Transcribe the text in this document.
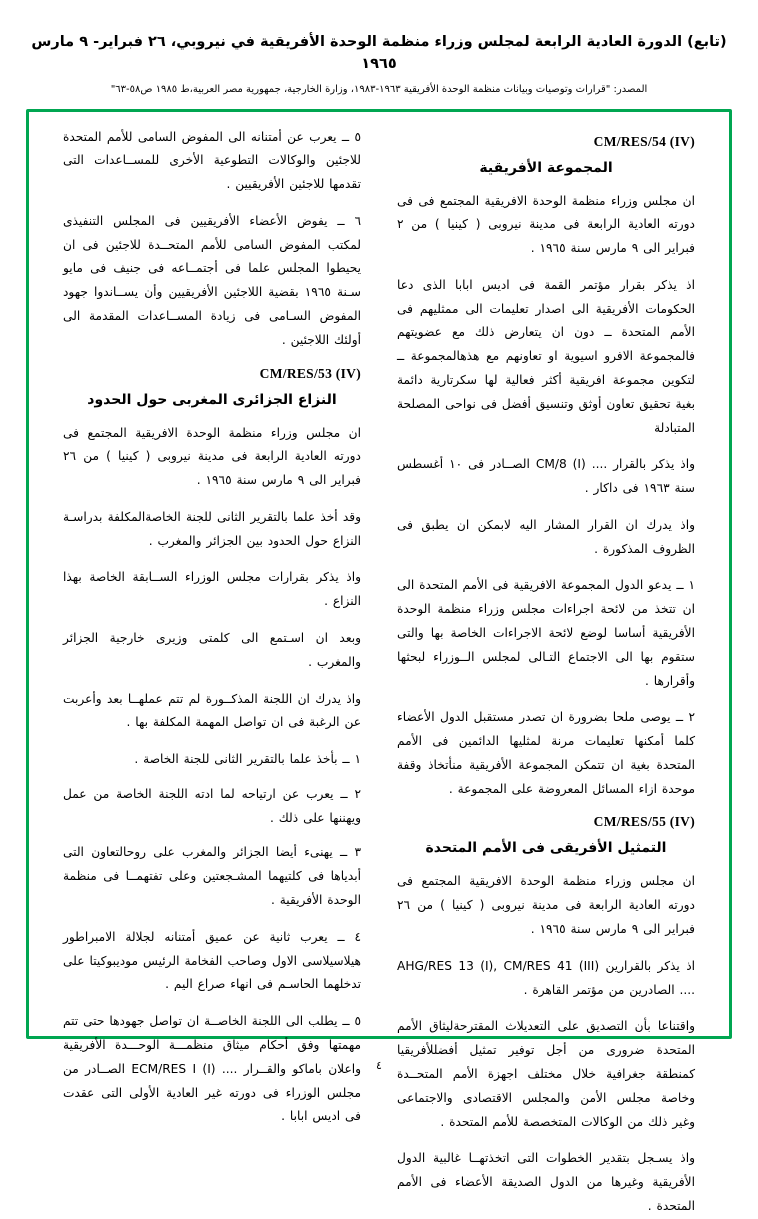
(تابع) الدورة العادية الرابعة لمجلس وزراء منظمة الوحدة الأفريقية في نيروبي، ٢٦ فبراير- ٩ مارس ١٩٦٥
المصدر: "قرارات وتوصيات وبيانات منظمة الوحدة الأفريقية ١٩٦٣-١٩٨٣، وزارة الخارجية، جمهورية مصر العربية،ط ١٩٨٥ ص٥٨-٦٣"
CM/RES/54 (IV)
المجموعة الأفريقية

ان مجلس وزراء منظمة الوحدة الافريقية المجتمع فى فى دورته العادية الرابعة فى مدينة نيروبى ( كينيا ) من ٢ فبراير الى ٩ مارس سنة ١٩٦٥ .

اذ يذكر بقرار مؤتمر القمة فى اديس ابابا الذى دعا الحكومات الأفريقية الى اصدار تعليمات الى ممثليهم فى الأمم المتحدة ــ دون ان يتعارض ذلك مع عضويتهم فالمجموعة الافرو اسيوية او تعاونهم مع هذهالمجموعة ــ لتكوين مجموعة افريقية أكثر فعالية لها سكرتارية دائمة بغية تحقيق تعاون أوثق وتنسيق أفضل فى نواحى المصلحة المتبادلة

واذ يذكر بالقرار .... CM/8 (I) الصــادر فى ١٠ أغسطس سنة ١٩٦٣ فى داكار .

واذ يدرك ان القرار المشار اليه لابمكن ان يطبق فى الظروف المذكورة .

١ ــ يدعو الدول المجموعة الافريقية فى الأمم المتحدة الى ان تتخذ من لائحة اجراءات مجلس وزراء منظمة الوحدة الأفريقية أساسا لوضع لائحة الاجراءات الخاصة بها والتى ستقوم بها الى الاجتماع التـالى لمجلس الــوزراء لبحثها وأقرارها .

٢ ــ يوصى ملحا بضرورة ان تصدر مستقبل الدول الأعضاء كلما أمكنها تعليمات مرنة لمثليها الدائمين فى الأمم المتحدة بغية ان تتمكن المجموعة الأفريقية منأتخاذ وقفة موحدة ازاء المسائل المعروضة على المجموعة .

CM/RES/55 (IV)
التمثيل الأفريقى فى الأمم المتحدة

ان مجلس وزراء منظمة الوحدة الافريقية المجتمع فى دورته العادية الرابعة فى مدينة نيروبى ( كينيا ) من ٢٦ فبراير الى ٩ مارس سنة ١٩٦٥ .

اذ يذكر بالقرارين AHG/RES 13 (I), CM/RES 41 (III) .... الصادرين من مؤتمر القاهرة .

واقتناعا بأن التصديق على التعديلاث المقترحةليثاق الأمم المتحدة ضرورى من أجل توفير تمثيل أفضللأفريقيا كمنطقة جغرافية خلال مختلف اجهزة الأمم المتحــدة وخاصة مجلس الأمن والمجلس الاقتصادى والاجتماعى وغير ذلك من الوكالات المتخصصة للأمم المتحدة .

واذ يسـجل بتقدير الخطوات التى اتخذتهــا غالبية الدول الأفريقية وغيرها من الدول الصديقة الأعضاء فى الأمم المتحدة .

٥ ــ يعرب عن أمتنانه الى المفوض السامى للأمم المتحدة للاجئين والوكالات التطوعية الأخرى للمســاعدات التى تقدمها للاجئين الأفريقيين .

٦ ــ يفوض الأعضاء الأفريقيين فى المجلس التنفيذى لمكتب المفوض السامى للأمم المتحــدة للاجئين فى ان يحيطوا المجلس علما فى أجتمــاعه فى جنيف فى مايو سـنة ١٩٦٥ بقضية اللاجئين الأفريقيين وأن يســاندوا جهود المفوض السـامى فى زيادة المســاعدات المقدمة الى أولئك اللاجئين .

CM/RES/53 (IV)
النزاع الجزائرى المغربى حول الحدود

ان مجلس وزراء منظمة الوحدة الافريقية المجتمع فى دورته العادية الرابعة فى مدينة نيروبى ( كينيا ) من ٢٦ فبراير الى ٩ مارس سنة ١٩٦٥ .

وقد أخذ علما بالتقرير الثانى للجنة الخاصةالمكلفة بدراسـة النزاع حول الحدود بين الجزائر والمغرب .

واذ يذكر بقرارات مجلس الوزراء الســابقة الخاصة بهذا النزاع .

وبعد ان اسـتمع الى كلمتى وزيرى خارجية الجزائر والمغرب .

واذ يدرك ان اللجنة المذكــورة لم تتم عملهــا بعد وأعربت عن الرغبة فى ان تواصل المهمة المكلفة بها .

١ ــ بأخذ علما بالتقرير الثانى للجنة الخاصة .

٢ ــ يعرب عن ارتياحه لما ادته اللجنة الخاصة من عمل ويهننها على ذلك .

٣ ــ يهنىء أيضا الجزائر والمغرب على روحالتعاون التى أبدياها فى كلتيهما المشـجعتين وعلى تفتهمــا فى منظمة الوحدة الأفريقية .

٤ ــ يعرب ثانية عن عميق أمتنانه لجلالة الامبراطور هيلاسيلاسى الاول وصاحب الفخامة الرئيس موديبوكيتا على تدخلهما الحاسـم فى انهاء صراع اليم .

٥ ــ يطلب الى اللجنة الخاصــة ان تواصل جهودها حتى تتم مهمتها وفق أحكام ميثاق منظمـــة الوحـــدة الأفريقية واعلان باماكو والقــرار .... ECM/RES I (I) الصــادر من مجلس الوزراء فى دورته غير العادية الأولى التى عقدت فى اديس ابابا .

٤
